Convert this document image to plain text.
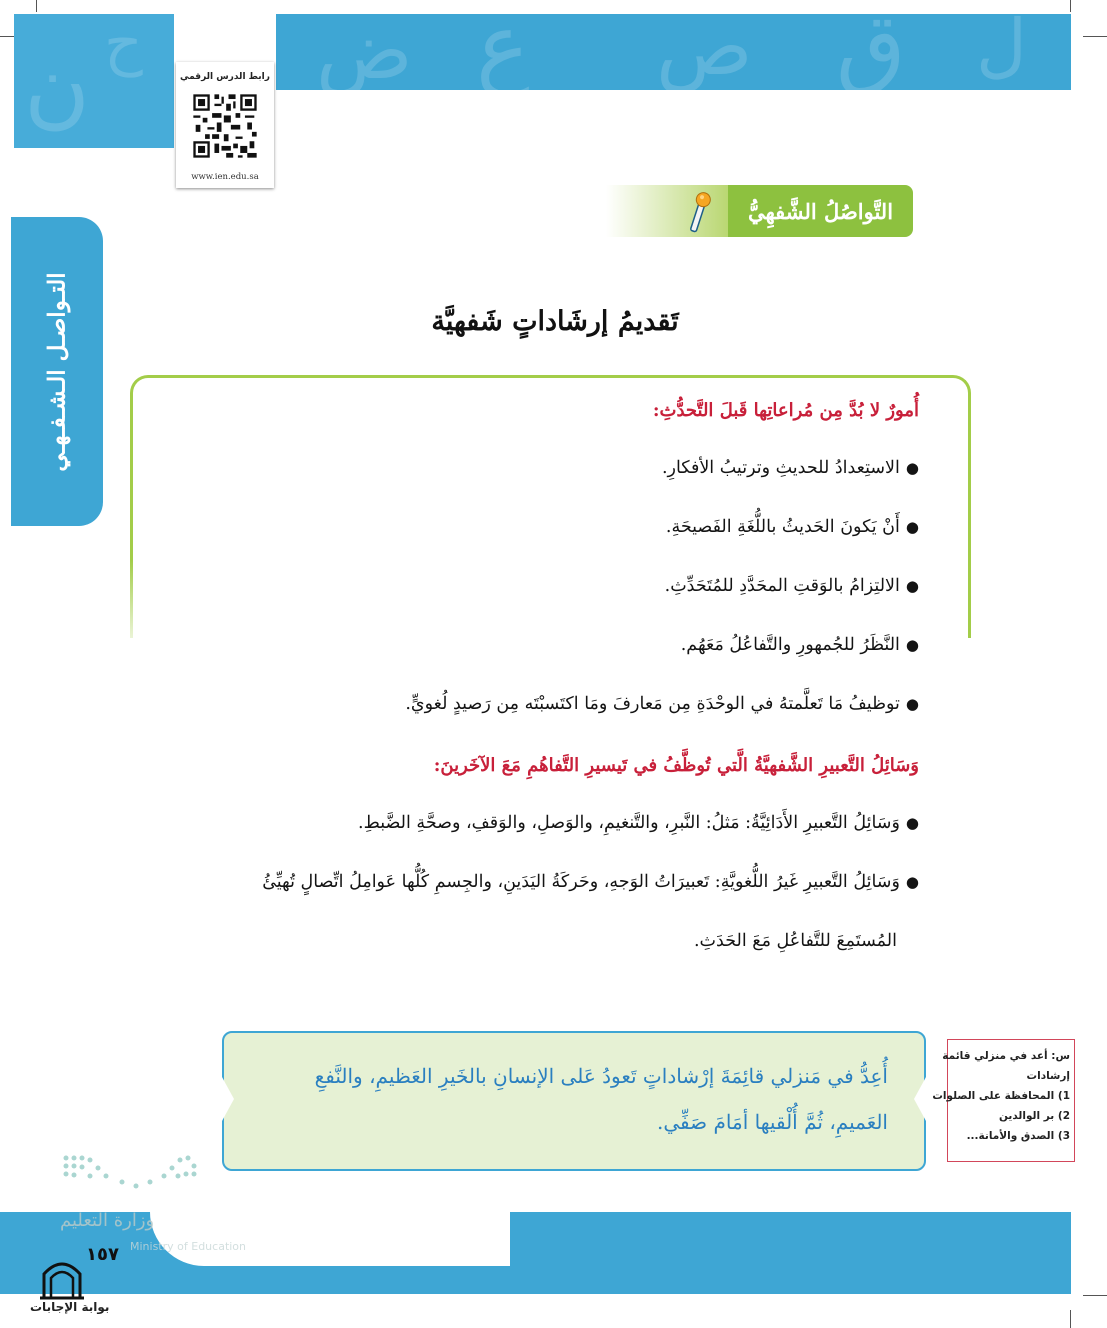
ض ع ص ق ل
ن ح	رابط الدرس الرقمي
www.ien.edu.sa
التـواصـل الـشـفـهـي
التَّواصُلُ الشَّفهِيُّ
تَقديمُ إرشَاداتٍ شَفهيَّة
أُمورٌ لا بُدَّ مِن مُراعاتِها قَبلَ التَّحدُّثِ:
●الاستِعدادُ للحديثِ وترتيبُ الأفكارِ.
●أَنْ يَكونَ الحَديثُ باللُّغَةِ الفَصيحَةِ.
●الالتِزامُ بالوَقتِ المحَدَّدِ للمُتَحَدِّثِ.
●النَّظَرُ للجُمهورِ والتَّفاعُلُ مَعَهُم.
●توظيفُ مَا تَعلَّمتهُ في الوحْدَةِ مِن مَعارفَ ومَا اكتَسبْتَه مِن رَصيدٍ لُغويٍّ.
وَسَائِلُ التَّعبيرِ الشَّفهيَّةُ الَّتي تُوظَّفُ في تَيسيرِ التَّفاهُمِ مَعَ الآخَرينَ:
●وَسَائِلُ التَّعبيرِ الأَدَائِيَّةُ: مَثلُ: النَّبرِ، والتَّنغيمِ، والوَصلِ، والوَقفِ، وصحَّةِ الضَّبطِ.
●وَسَائِلُ التَّعبيرِ غَيرُ اللُّغويَّةِ: تَعبيرَاتُ الوَجهِ، وحَركَةُ اليَدَينِ، والجِسمِ كُلُّها عَوامِلُ اتِّصالٍ تُهيِّئُ
المُستَمِعَ للتَّفاعُلِ مَعَ الحَدَثِ.
أُعِدُّ في مَنزلي قائِمَةَ إرْشاداتٍ تَعودُ عَلى الإنسانِ بالخَيرِ العَظيمِ، والنَّفعِ
العَميمِ، ثُمَّ أُلْقيها أمَامَ صَفِّي.
س: أعد في منزلي قائمة
إرشادات
1) المحافظة على الصلوات
2) بر الوالدين
3) الصدق والأمانة...
وزارة التعليم
Ministry of Education
١٥٧
بوابة الإجابات
